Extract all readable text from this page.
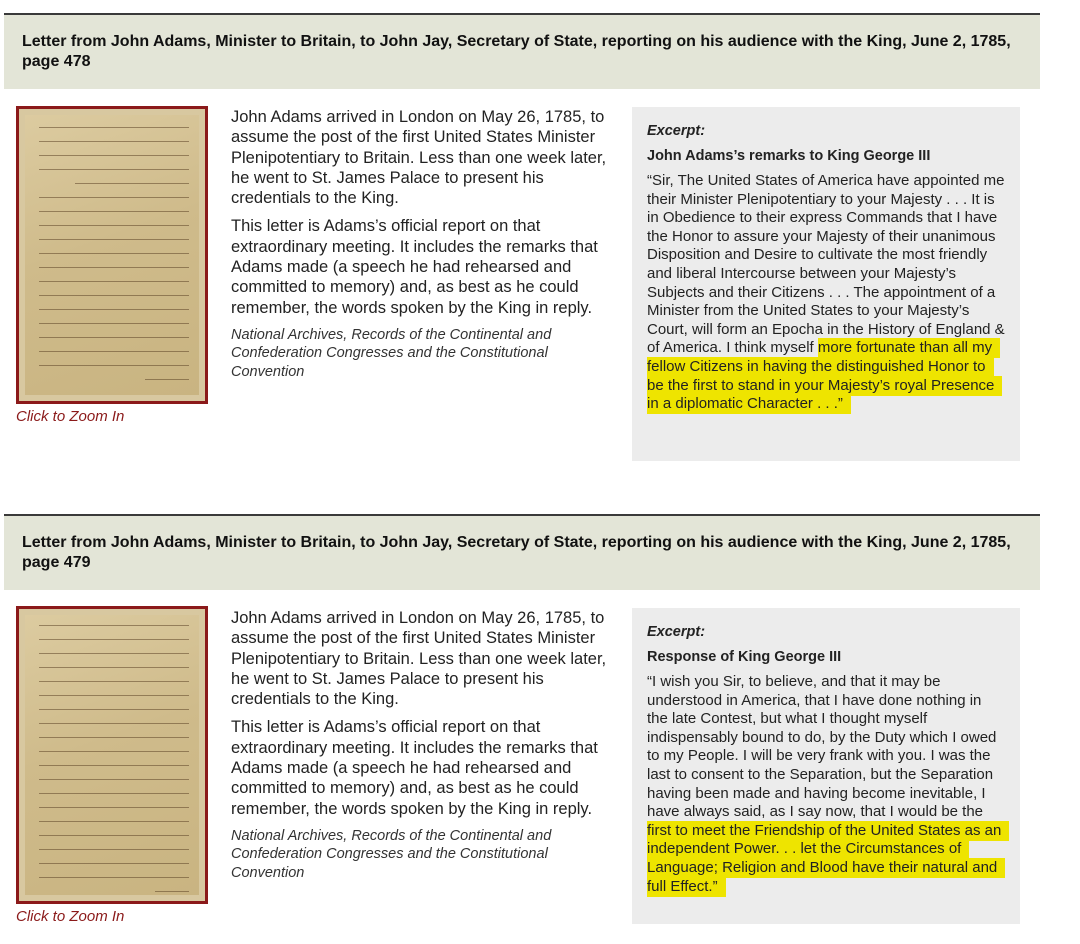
Letter from John Adams, Minister to Britain, to John Jay, Secretary of State, reporting on his audience with the King, June 2, 1785, page 478
Click to Zoom In

John Adams arrived in London on May 26, 1785, to assume the post of the first United States Minister Plenipotentiary to Britain. Less than one week later, he went to St. James Palace to present his credentials to the King.

This letter is Adams’s official report on that extraordinary meeting. It includes the remarks that Adams made (a speech he had rehearsed and committed to memory) and, as best as he could remember, the words spoken by the King in reply.

National Archives, Records of the Continental and Confederation Congresses and the Constitutional Convention
Excerpt:
John Adams’s remarks to King George III
“Sir, The United States of America have appointed me their Minister Plenipotentiary to your Majesty . . . It is in Obedience to their express Commands that I have the Honor to assure your Majesty of their unanimous Disposition and Desire to cultivate the most friendly and liberal Intercourse between your Majesty’s Subjects and their Citizens . . . The appointment of a Minister from the United States to your Majesty’s Court, will form an Epocha in the History of England & of America. I think myself more fortunate than all my fellow Citizens in having the distinguished Honor to be the first to stand in your Majesty’s royal Presence in a diplomatic Character . . .”
Letter from John Adams, Minister to Britain, to John Jay, Secretary of State, reporting on his audience with the King, June 2, 1785, page 479
Click to Zoom In

John Adams arrived in London on May 26, 1785, to assume the post of the first United States Minister Plenipotentiary to Britain. Less than one week later, he went to St. James Palace to present his credentials to the King.

This letter is Adams’s official report on that extraordinary meeting. It includes the remarks that Adams made (a speech he had rehearsed and committed to memory) and, as best as he could remember, the words spoken by the King in reply.

National Archives, Records of the Continental and Confederation Congresses and the Constitutional Convention
Excerpt:
Response of King George III
“I wish you Sir, to believe, and that it may be understood in America, that I have done nothing in the late Contest, but what I thought myself indispensably bound to do, by the Duty which I owed to my People. I will be very frank with you. I was the last to consent to the Separation, but the Separation having been made and having become inevitable, I have always said, as I say now, that I would be the first to meet the Friendship of the United States as an independent Power. . . let the Circumstances of Language; Religion and Blood have their natural and full Effect.”
